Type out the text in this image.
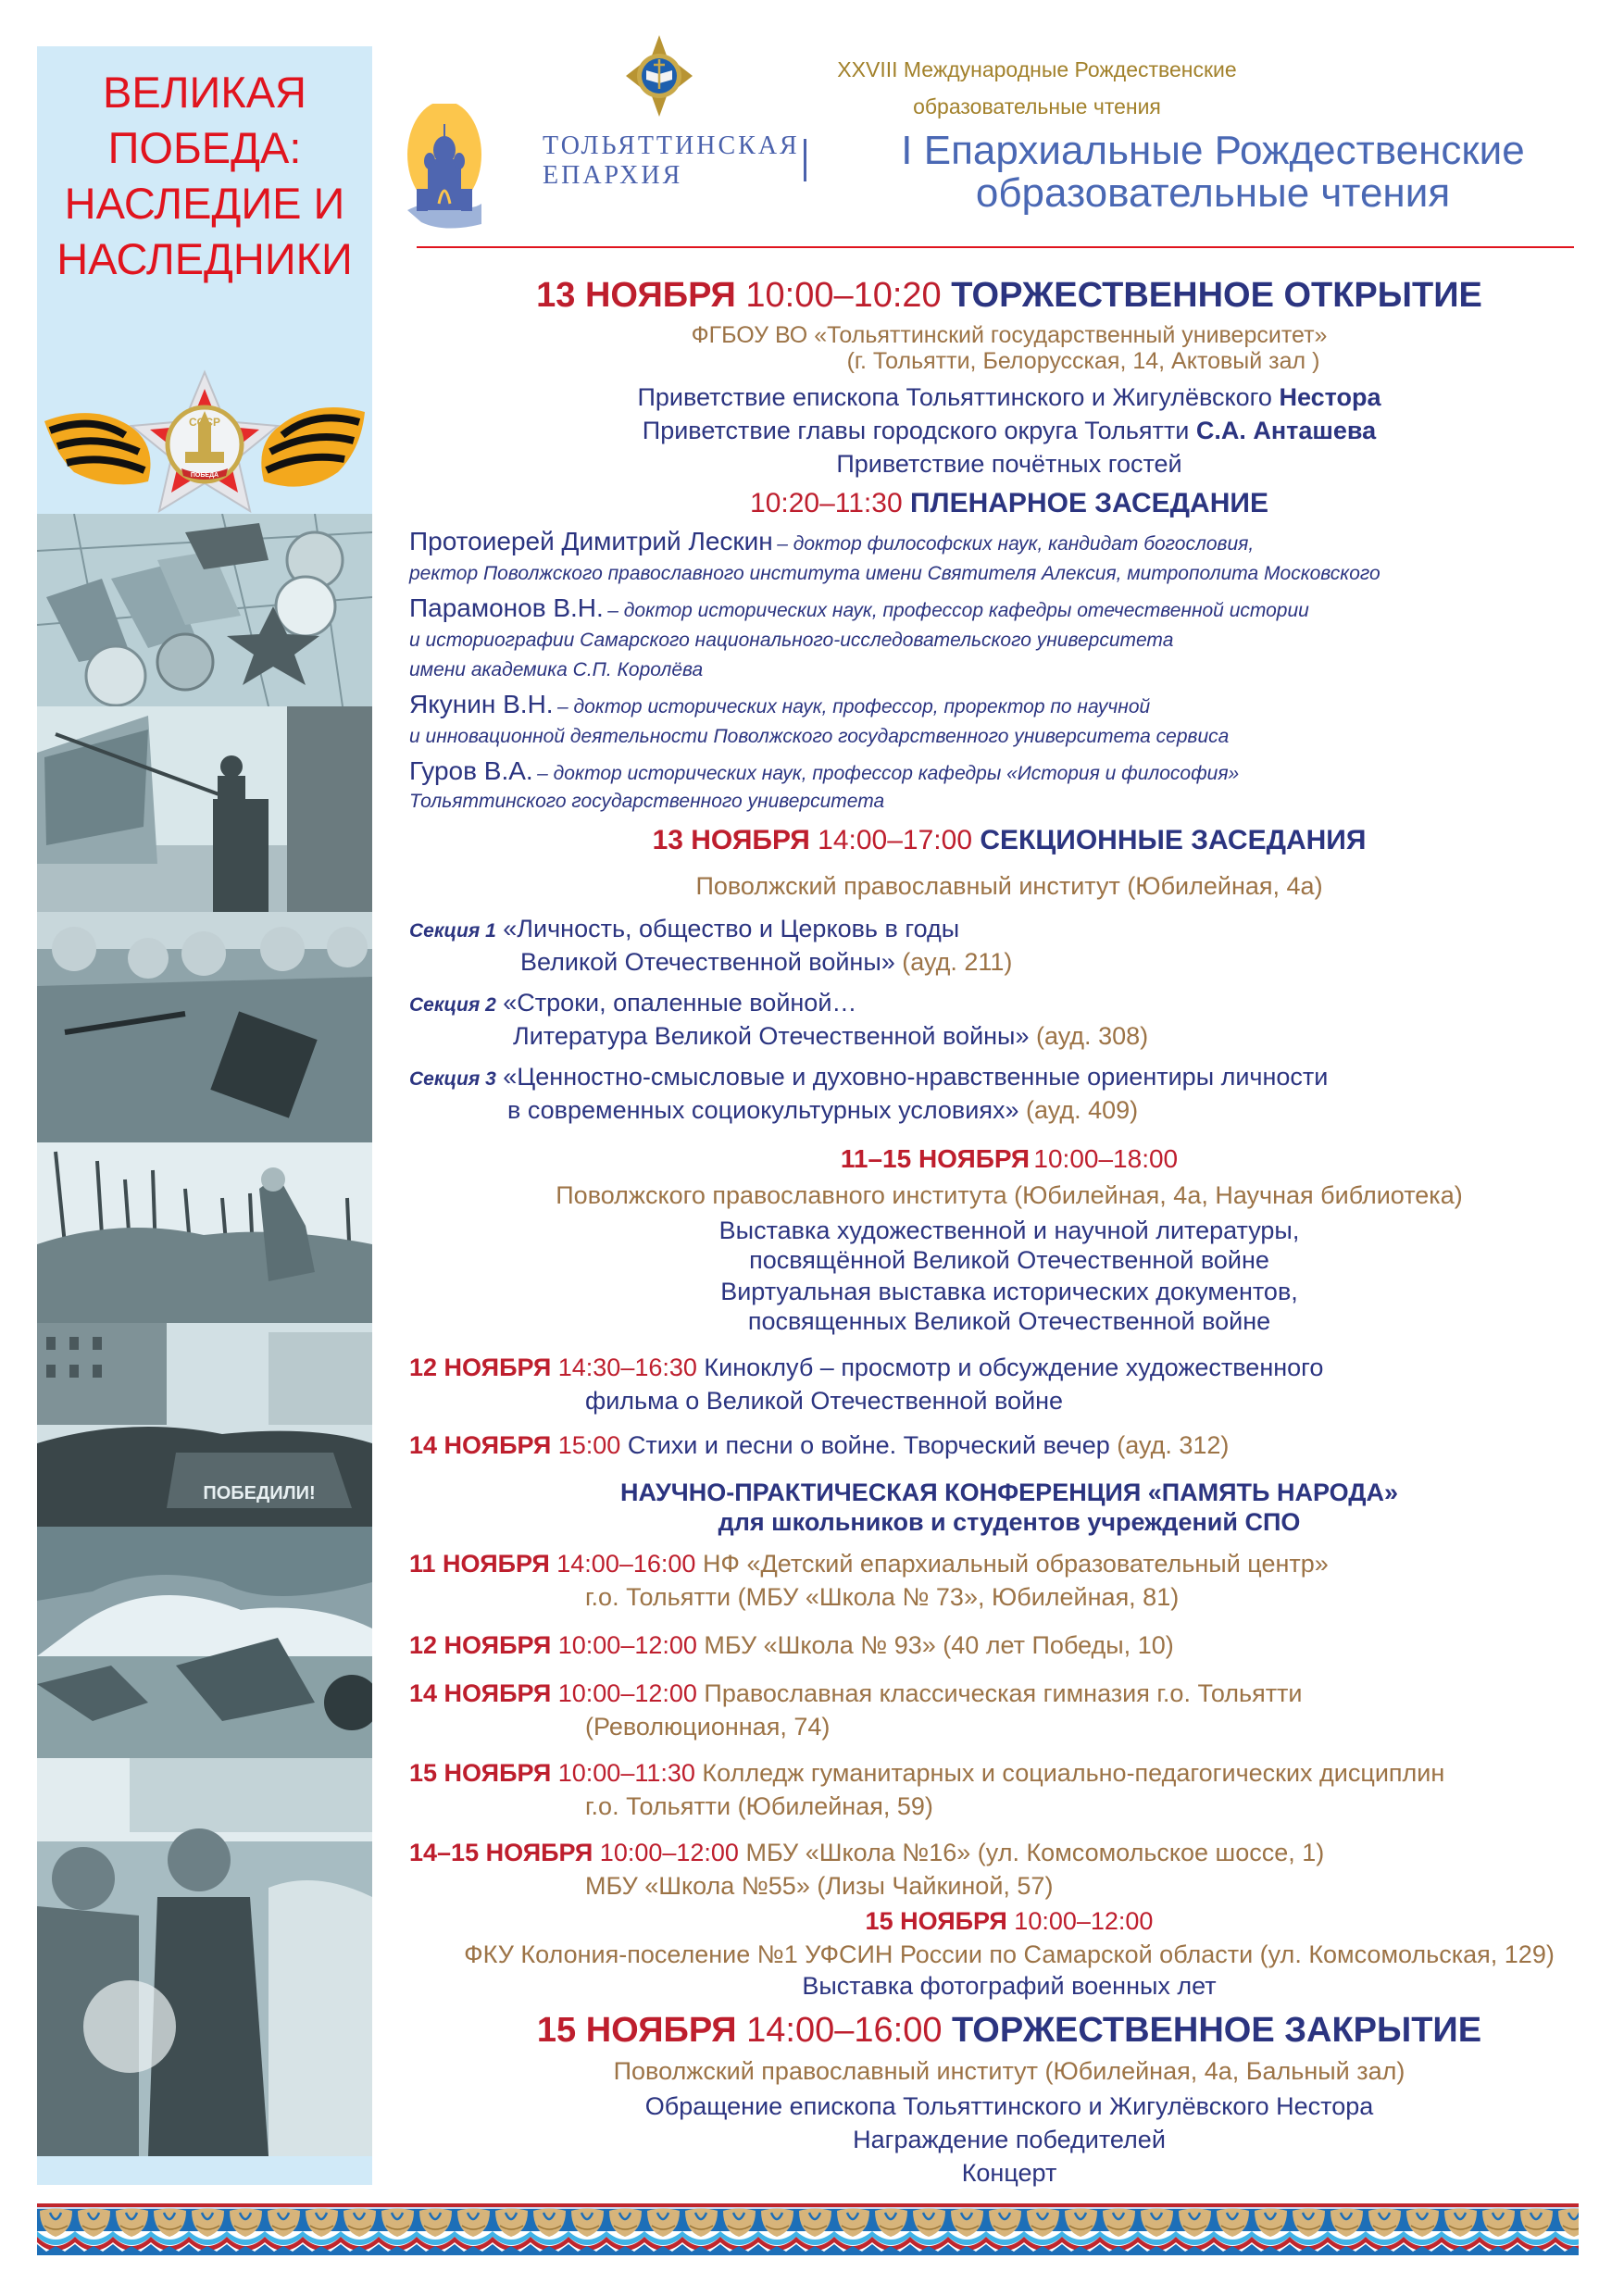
ВЕЛИКАЯ
ПОБЕДА:
НАСЛЕДИЕ И
НАСЛЕДНИКИ
СССР
ПОБЕДА
ПОБЕДИЛИ!
XXVIII Международные Рождественские
образовательные чтения
ТОЛЬЯТТИНСКАЯ
ЕПАРХИЯ
I Епархиальные Рождественские
образовательные чтения
13 НОЯБРЯ 10:00–10:20 ТОРЖЕСТВЕННОЕ ОТКРЫТИЕ
ФГБОУ ВО «Тольяттинский государственный университет»
(г. Тольятти, Белорусская, 14, Актовый зал )
Приветствие епископа Тольяттинского и Жигулёвского Нестора
Приветствие главы городского округа Тольятти С.А. Анташева
Приветствие почётных гостей
10:20–11:30 ПЛЕНАРНОЕ ЗАСЕДАНИЕ
Протоиерей Димитрий Лескин – доктор философских наук, кандидат богословия,
ректор Поволжского православного института имени Святителя Алексия, митрополита Московского
Парамонов В.Н. – доктор исторических наук, профессор кафедры отечественной истории
и историографии Самарского национального-исследовательского университета
имени академика С.П. Королёва
Якунин В.Н. – доктор исторических наук, профессор, проректор по научной
и инновационной деятельности Поволжского государственного университета сервиса
Гуров В.А. – доктор исторических наук, профессор кафедры «История и философия»
Тольяттинского государственного университета
13 НОЯБРЯ 14:00–17:00 СЕКЦИОННЫЕ ЗАСЕДАНИЯ
Поволжский православный институт (Юбилейная, 4а)
Секция 1 «Личность, общество и Церковь в годы
Великой Отечественной войны» (ауд. 211)
Секция 2 «Строки, опаленные войной…
Литература Великой Отечественной войны» (ауд. 308)
Секция 3 «Ценностно-смысловые и духовно-нравственные ориентиры личности
в современных социокультурных условиях» (ауд. 409)
11–15 НОЯБРЯ 10:00–18:00
Поволжского православного института (Юбилейная, 4а, Научная библиотека)
Выставка художественной и научной литературы,
посвящённой Великой Отечественной войне
Виртуальная выставка исторических документов,
посвященных Великой Отечественной войне
12 НОЯБРЯ 14:30–16:30 Киноклуб – просмотр и обсуждение художественного
фильма о Великой Отечественной войне
14 НОЯБРЯ 15:00 Стихи и песни о войне. Творческий вечер (ауд. 312)
НАУЧНО-ПРАКТИЧЕСКАЯ КОНФЕРЕНЦИЯ «ПАМЯТЬ НАРОДА»
для школьников и студентов учреждений СПО
11 НОЯБРЯ 14:00–16:00 НФ «Детский епархиальный образовательный центр»
г.о. Тольятти (МБУ «Школа № 73», Юбилейная, 81)
12 НОЯБРЯ 10:00–12:00 МБУ «Школа № 93» (40 лет Победы, 10)
14 НОЯБРЯ 10:00–12:00 Православная классическая гимназия г.о. Тольятти
(Революционная, 74)
15 НОЯБРЯ 10:00–11:30 Колледж гуманитарных и социально-педагогических дисциплин
г.о. Тольятти (Юбилейная, 59)
14–15 НОЯБРЯ 10:00–12:00 МБУ «Школа №16» (ул. Комсомольское шоссе, 1)
МБУ «Школа №55» (Лизы Чайкиной, 57)
15 НОЯБРЯ 10:00–12:00
ФКУ Колония-поселение №1 УФСИН России по Самарской области (ул. Комсомольская, 129)
Выставка фотографий военных лет
15 НОЯБРЯ 14:00–16:00 ТОРЖЕСТВЕННОЕ ЗАКРЫТИЕ
Поволжский православный институт (Юбилейная, 4а, Бальный зал)
Обращение епископа Тольяттинского и Жигулёвского Нестора
Награждение победителей
Концерт
